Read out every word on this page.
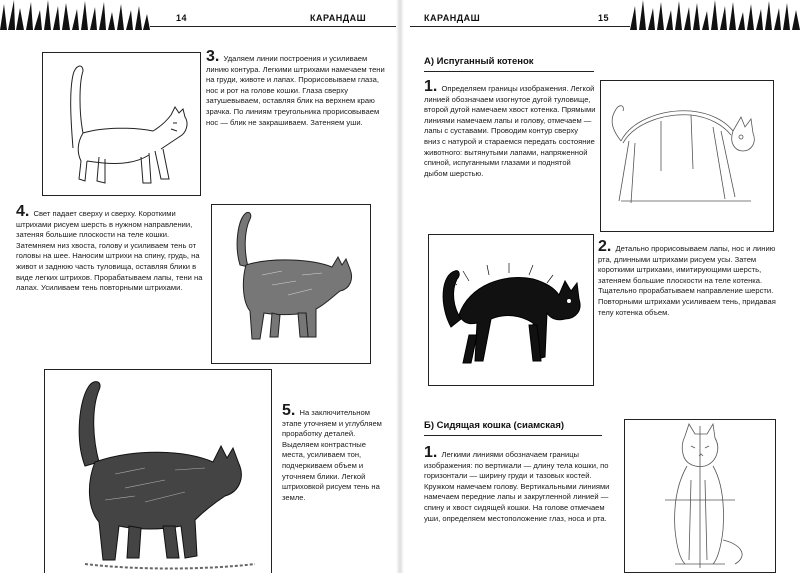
14	КАРАНДАШ
3. Удаляем линии построения и усиливаем линию контура. Легкими штрихами намечаем тени на груди, животе и лапах. Прорисовываем глаза, нос и рот на голове кошки. Глаза сверху затушевываем, оставляя блик на верхнем краю зрачка. По линиям треугольника прорисовываем нос — блик не закрашиваем. Затеняем уши.
4. Свет падает сверху и сверху. Короткими штрихами рисуем шерсть в нужном направлении, затеняя большие плоскости на теле кошки. Затемняем низ хвоста, голову и усиливаем тень от головы на шее. Наносим штрихи на спину, грудь, на живот и заднюю часть туловища, оставляя блики в виде легких штрихов. Прорабатываем лапы, тени на лапах. Усиливаем тень повторными штрихами.
5. На заключительном этапе уточняем и углубляем проработку деталей. Выделяем контрастные места, усиливаем тон, подчеркиваем объем и уточняем блики. Легкой штриховкой рисуем тень на земле.
КАРАНДАШ	15
А) Испуганный котенок
1. Определяем границы изображения. Легкой линией обозначаем изогнутое дугой туловище, второй дугой намечаем хвост котенка. Прямыми линиями намечаем лапы и голову, отмечаем — лапы с суставами. Проводим контур сверху вниз с натурой и стараемся передать состояние животного: вытянутыми лапами, напряженной спиной, испуганными глазами и поднятой дыбом шерстью.
2. Детально прорисовываем лапы, нос и линию рта, длинными штрихами рисуем усы. Затем короткими штрихами, имитирующими шерсть, затеняем большие плоскости на теле котенка. Тщательно прорабатываем направление шерсти. Повторными штрихами усиливаем тень, придавая телу котенка объем.
Б) Сидящая кошка (сиамская)
1. Легкими линиями обозначаем границы изображения: по вертикали — длину тела кошки, по горизонтали — ширину груди и тазовых костей. Кружком намечаем голову. Вертикальными линиями намечаем передние лапы и закругленной линией — спину и хвост сидящей кошки. На голове отмечаем уши, определяем местоположение глаз, носа и рта.
